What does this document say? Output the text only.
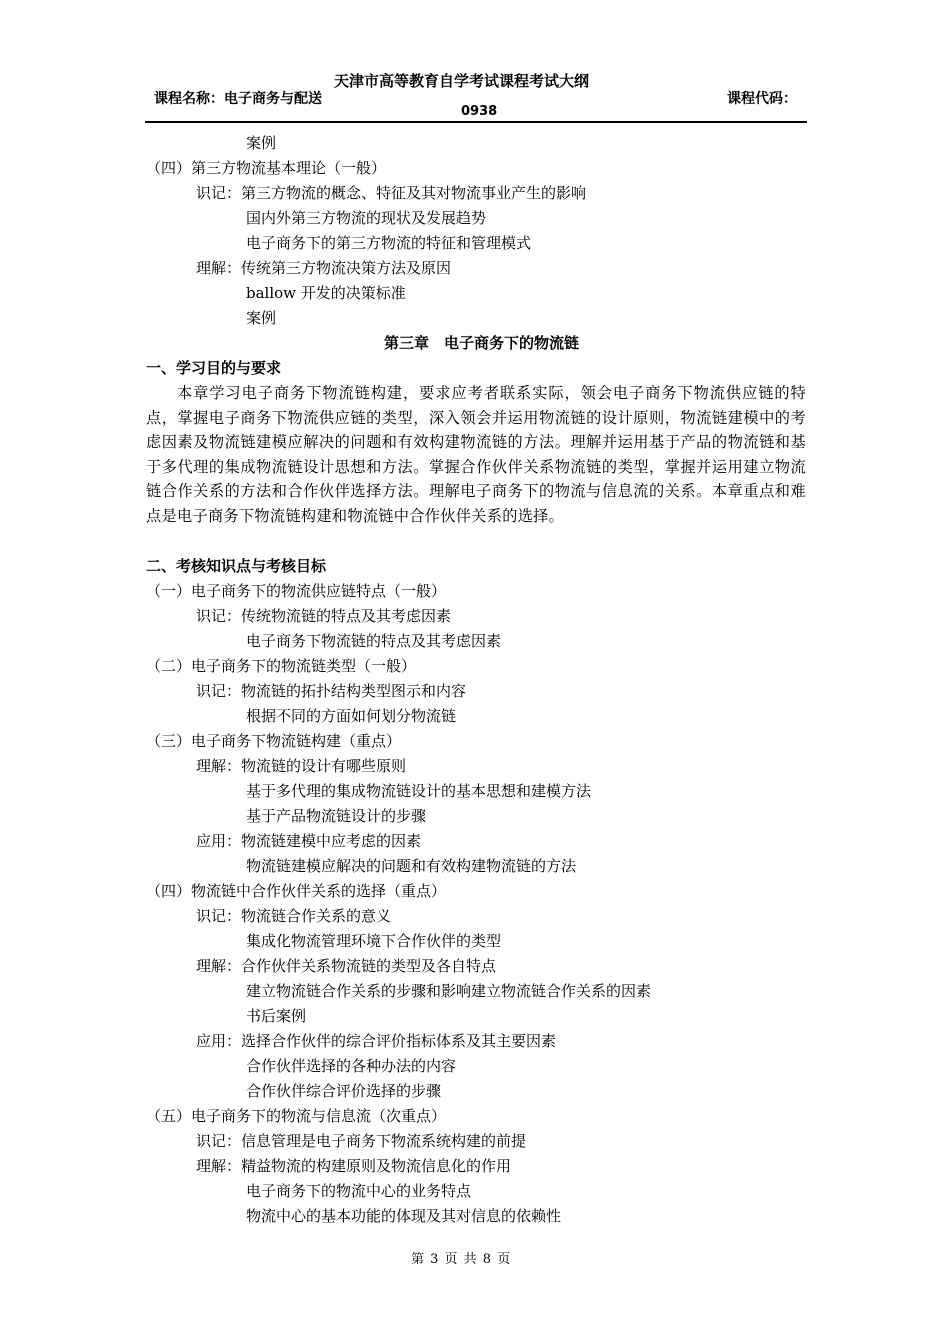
天津市高等教育自学考试课程考试大纲
课程名称：电子商务与配送	课程代码：
0938
案例
（四）第三方物流基本理论（一般）
识记：第三方物流的概念、特征及其对物流事业产生的影响
国内外第三方物流的现状及发展趋势
电子商务下的第三方物流的特征和管理模式
理解：传统第三方物流决策方法及原因
ballow 开发的决策标准
案例
第三章　电子商务下的物流链
一、学习目的与要求
本章学习电子商务下物流链构建，要求应考者联系实际，领会电子商务下物流供应链的特点，掌握电子商务下物流供应链的类型，深入领会并运用物流链的设计原则，物流链建模中的考虑因素及物流链建模应解决的问题和有效构建物流链的方法。理解并运用基于产品的物流链和基于多代理的集成物流链设计思想和方法。掌握合作伙伴关系物流链的类型，掌握并运用建立物流链合作关系的方法和合作伙伴选择方法。理解电子商务下的物流与信息流的关系。本章重点和难点是电子商务下物流链构建和物流链中合作伙伴关系的选择。
二、考核知识点与考核目标
（一）电子商务下的物流供应链特点（一般）
识记：传统物流链的特点及其考虑因素
电子商务下物流链的特点及其考虑因素
（二）电子商务下的物流链类型（一般）
识记：物流链的拓扑结构类型图示和内容
根据不同的方面如何划分物流链
（三）电子商务下物流链构建（重点）
理解：物流链的设计有哪些原则
基于多代理的集成物流链设计的基本思想和建模方法
基于产品物流链设计的步骤
应用：物流链建模中应考虑的因素
物流链建模应解决的问题和有效构建物流链的方法
（四）物流链中合作伙伴关系的选择（重点）
识记：物流链合作关系的意义
集成化物流管理环境下合作伙伴的类型
理解：合作伙伴关系物流链的类型及各自特点
建立物流链合作关系的步骤和影响建立物流链合作关系的因素
书后案例
应用：选择合作伙伴的综合评价指标体系及其主要因素
合作伙伴选择的各种办法的内容
合作伙伴综合评价选择的步骤
（五）电子商务下的物流与信息流（次重点）
识记：信息管理是电子商务下物流系统构建的前提
理解：精益物流的构建原则及物流信息化的作用
电子商务下的物流中心的业务特点
物流中心的基本功能的体现及其对信息的依赖性
第 3 页 共 8 页
